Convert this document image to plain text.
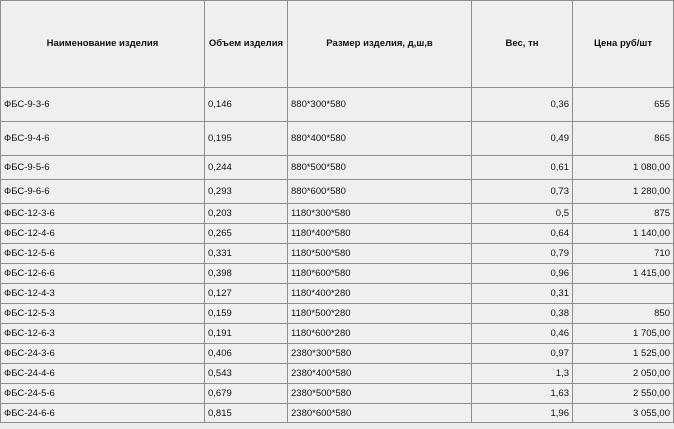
Наименование изделия	Объем изделия	Размер изделия, д,ш,в	Вес, тн	Цена руб/шт
ФБС-9-3-6	0,146	880*300*580	0,36	655
ФБС-9-4-6	0,195	880*400*580	0,49	865
ФБС-9-5-6	0,244	880*500*580	0,61	1 080,00
ФБС-9-6-6	0,293	880*600*580	0,73	1 280,00
ФБС-12-3-6	0,203	1180*300*580	0,5	875
ФБС-12-4-6	0,265	1180*400*580	0,64	1 140,00
ФБС-12-5-6	0,331	1180*500*580	0,79	710
ФБС-12-6-6	0,398	1180*600*580	0,96	1 415,00
ФБС-12-4-3	0,127	1180*400*280	0,31	
ФБС-12-5-3	0,159	1180*500*280	0,38	850
ФБС-12-6-3	0,191	1180*600*280	0,46	1 705,00
ФБС-24-3-6	0,406	2380*300*580	0,97	1 525,00
ФБС-24-4-6	0,543	2380*400*580	1,3	2 050,00
ФБС-24-5-6	0,679	2380*500*580	1,63	2 550,00
ФБС-24-6-6	0,815	2380*600*580	1,96	3 055,00
